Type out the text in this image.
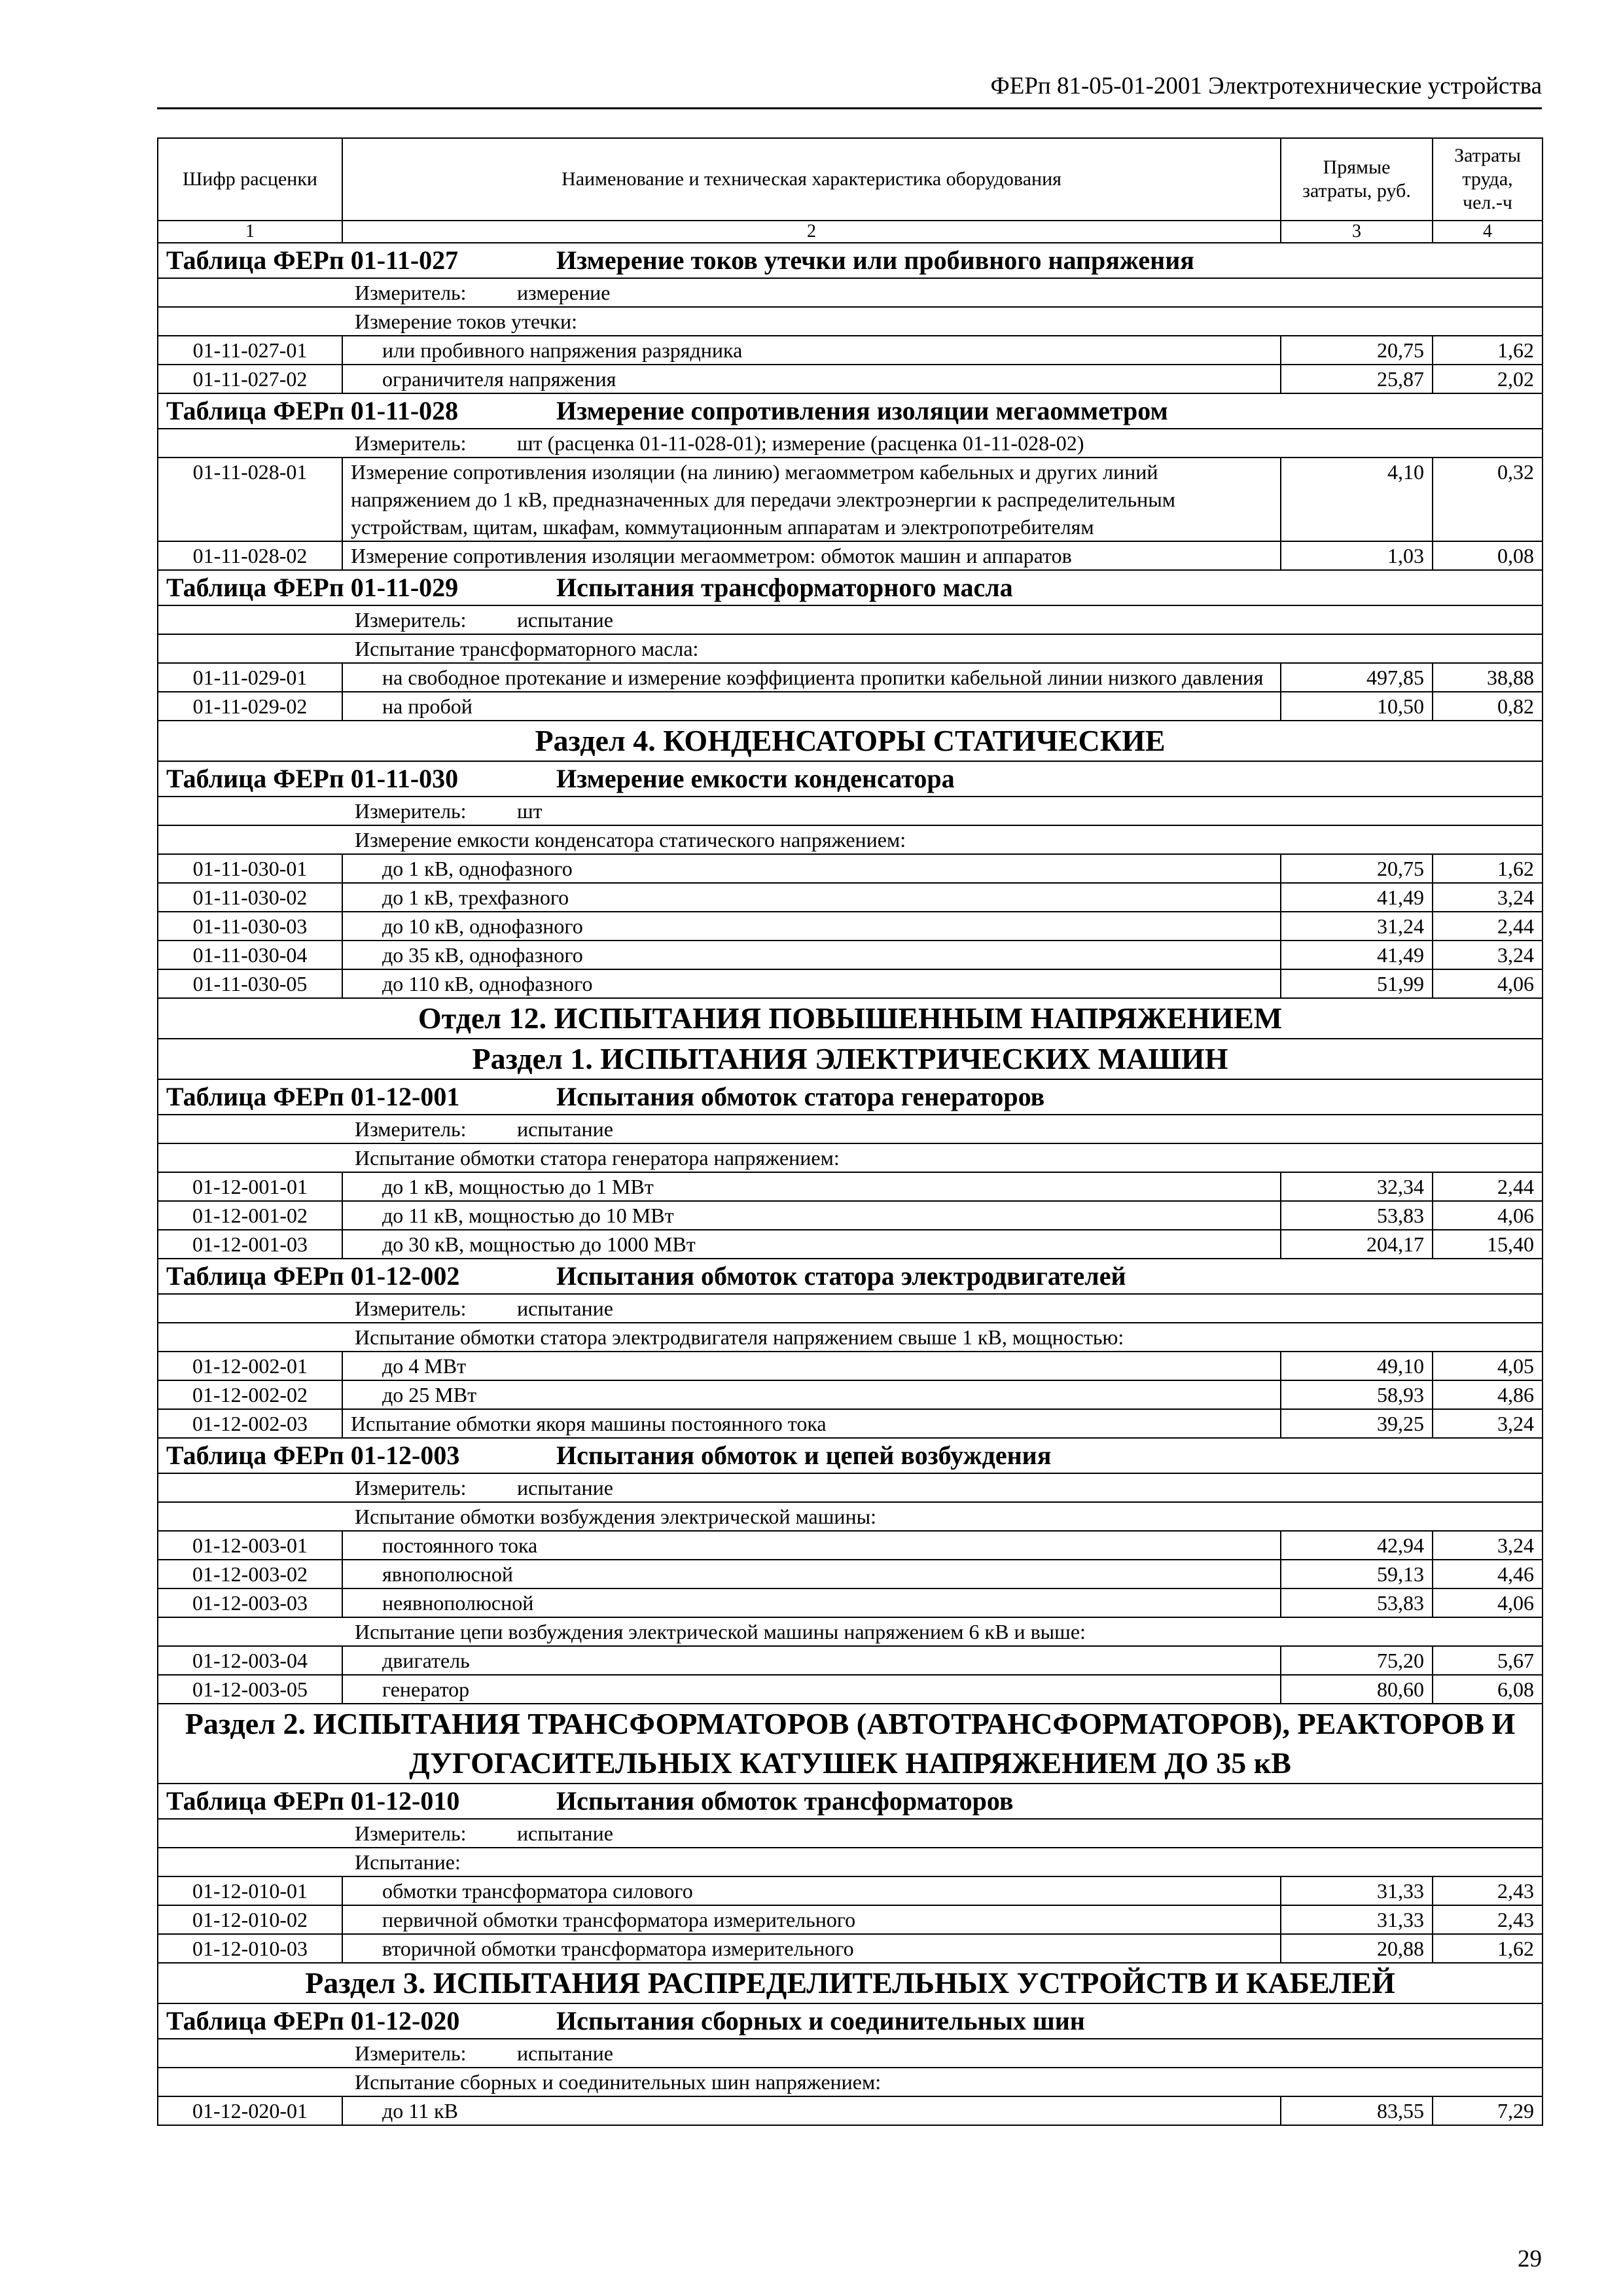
ФЕРп 81-05-01-2001 Электротехнические устройства
Шифр расценки	Наименование и техническая характеристика оборудования	Прямые затраты, руб.	Затраты труда, чел.-ч
1	2	3	4
Таблица ФЕРп 01-11-027 Измерение токов утечки или пробивного напряжения			
Измеритель: измерение			
Измерение токов утечки:			
01-11-027-01	или пробивного напряжения разрядника	20,75	1,62
01-11-027-02	ограничителя напряжения	25,87	2,02
Таблица ФЕРп 01-11-028 Измерение сопротивления изоляции мегаомметром			
Измеритель: шт (расценка 01-11-028-01); измерение (расценка 01-11-028-02)			
01-11-028-01	Измерение сопротивления изоляции (на линию) мегаомметром кабельных и других линий напряжением до 1 кВ, предназначенных для передачи электроэнергии к распределительным устройствам, щитам, шкафам, коммутационным аппаратам и электропотребителям	4,10	0,32
01-11-028-02	Измерение сопротивления изоляции мегаомметром: обмоток машин и аппаратов	1,03	0,08
Таблица ФЕРп 01-11-029 Испытания трансформаторного масла			
Измеритель: испытание			
Испытание трансформаторного масла:			
01-11-029-01	на свободное протекание и измерение коэффициента пропитки кабельной линии низкого давления	497,85	38,88
01-11-029-02	на пробой	10,50	0,82
Раздел 4. КОНДЕНСАТОРЫ СТАТИЧЕСКИЕ			
Таблица ФЕРп 01-11-030 Измерение емкости конденсатора			
Измеритель: шт			
Измерение емкости конденсатора статического напряжением:			
01-11-030-01	до 1 кВ, однофазного	20,75	1,62
01-11-030-02	до 1 кВ, трехфазного	41,49	3,24
01-11-030-03	до 10 кВ, однофазного	31,24	2,44
01-11-030-04	до 35 кВ, однофазного	41,49	3,24
01-11-030-05	до 110 кВ, однофазного	51,99	4,06
Отдел 12. ИСПЫТАНИЯ ПОВЫШЕННЫМ НАПРЯЖЕНИЕМ			
Раздел 1. ИСПЫТАНИЯ ЭЛЕКТРИЧЕСКИХ МАШИН			
Таблица ФЕРп 01-12-001 Испытания обмоток статора генераторов			
Измеритель: испытание			
Испытание обмотки статора генератора напряжением:			
01-12-001-01	до 1 кВ, мощностью до 1 МВт	32,34	2,44
01-12-001-02	до 11 кВ, мощностью до 10 МВт	53,83	4,06
01-12-001-03	до 30 кВ, мощностью до 1000 МВт	204,17	15,40
Таблица ФЕРп 01-12-002 Испытания обмоток статора электродвигателей			
Измеритель: испытание			
Испытание обмотки статора электродвигателя напряжением свыше 1 кВ, мощностью:			
01-12-002-01	до 4 МВт	49,10	4,05
01-12-002-02	до 25 МВт	58,93	4,86
01-12-002-03	Испытание обмотки якоря машины постоянного тока	39,25	3,24
Таблица ФЕРп 01-12-003 Испытания обмоток и цепей возбуждения			
Измеритель: испытание			
Испытание обмотки возбуждения электрической машины:			
01-12-003-01	постоянного тока	42,94	3,24
01-12-003-02	явнополюсной	59,13	4,46
01-12-003-03	неявнополюсной	53,83	4,06
Испытание цепи возбуждения электрической машины напряжением 6 кВ и выше:			
01-12-003-04	двигатель	75,20	5,67
01-12-003-05	генератор	80,60	6,08
Раздел 2. ИСПЫТАНИЯ ТРАНСФОРМАТОРОВ (АВТОТРАНСФОРМАТОРОВ), РЕАКТОРОВ И ДУГОГАСИТЕЛЬНЫХ КАТУШЕК НАПРЯЖЕНИЕМ ДО 35 кВ			
Таблица ФЕРп 01-12-010 Испытания обмоток трансформаторов			
Измеритель: испытание			
Испытание:			
01-12-010-01	обмотки трансформатора силового	31,33	2,43
01-12-010-02	первичной обмотки трансформатора измерительного	31,33	2,43
01-12-010-03	вторичной обмотки трансформатора измерительного	20,88	1,62
Раздел 3. ИСПЫТАНИЯ РАСПРЕДЕЛИТЕЛЬНЫХ УСТРОЙСТВ И КАБЕЛЕЙ			
Таблица ФЕРп 01-12-020 Испытания сборных и соединительных шин			
Измеритель: испытание			
Испытание сборных и соединительных шин напряжением:			
01-12-020-01	до 11 кВ	83,55	7,29
29
